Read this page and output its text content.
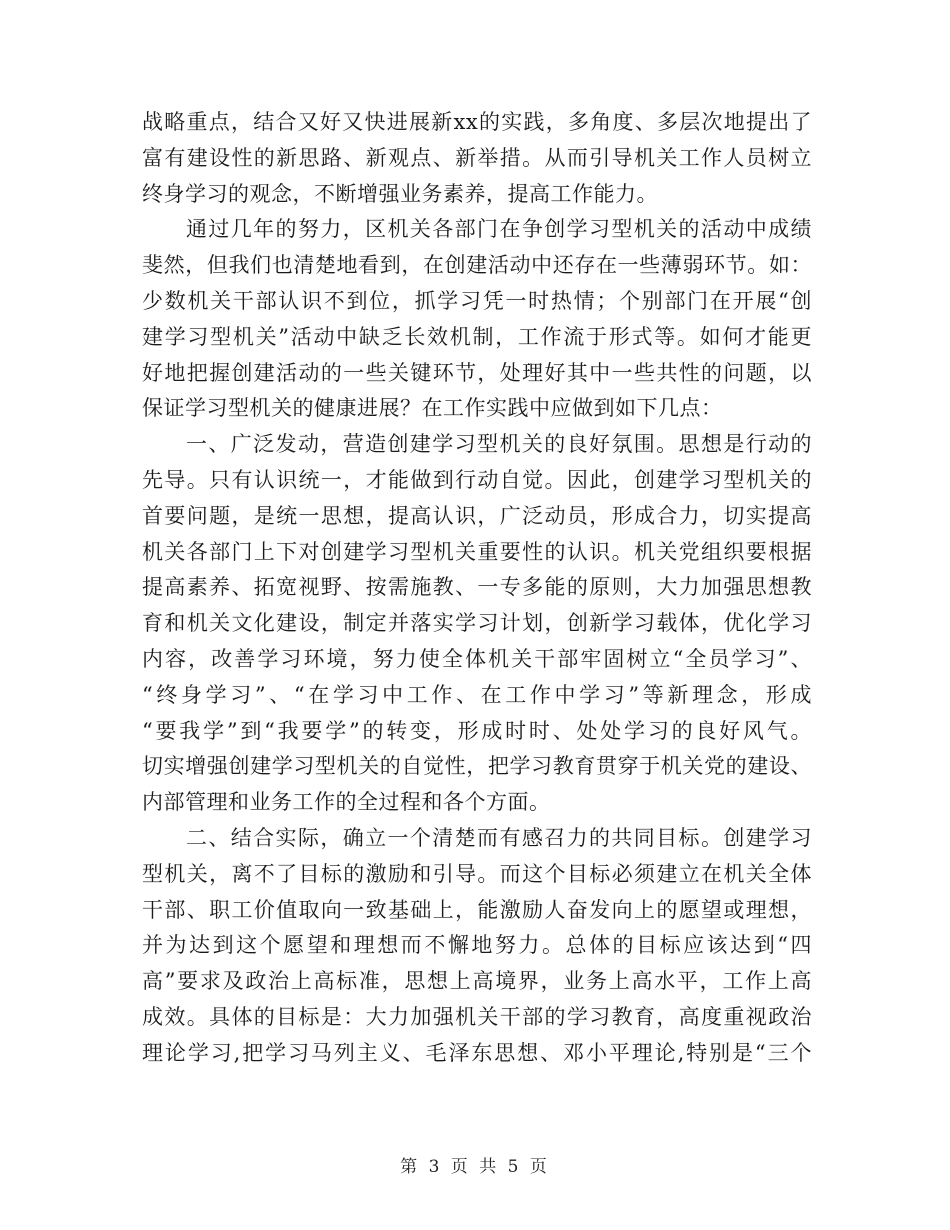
战略重点，结合又好又快进展新xx的实践，多角度、多层次地提出了
富有建设性的新思路、新观点、新举措。从而引导机关工作人员树立
终身学习的观念，不断增强业务素养，提高工作能力。
通过几年的努力，区机关各部门在争创学习型机关的活动中成绩
斐然，但我们也清楚地看到，在创建活动中还存在一些薄弱环节。如：
少数机关干部认识不到位，抓学习凭一时热情；个别部门在开展“创
建学习型机关”活动中缺乏长效机制，工作流于形式等。如何才能更
好地把握创建活动的一些关键环节，处理好其中一些共性的问题，以
保证学习型机关的健康进展？在工作实践中应做到如下几点：
一、广泛发动，营造创建学习型机关的良好氛围。思想是行动的
先导。只有认识统一，才能做到行动自觉。因此，创建学习型机关的
首要问题，是统一思想，提高认识，广泛动员，形成合力，切实提高
机关各部门上下对创建学习型机关重要性的认识。机关党组织要根据
提高素养、拓宽视野、按需施教、一专多能的原则，大力加强思想教
育和机关文化建设，制定并落实学习计划，创新学习载体，优化学习
内容，改善学习环境，努力使全体机关干部牢固树立“全员学习”、
“终身学习”、“在学习中工作、在工作中学习”等新理念，形成
“要我学”到“我要学”的转变，形成时时、处处学习的良好风气。
切实增强创建学习型机关的自觉性，把学习教育贯穿于机关党的建设、
内部管理和业务工作的全过程和各个方面。
二、结合实际，确立一个清楚而有感召力的共同目标。创建学习
型机关，离不了目标的激励和引导。而这个目标必须建立在机关全体
干部、职工价值取向一致基础上，能激励人奋发向上的愿望或理想，
并为达到这个愿望和理想而不懈地努力。总体的目标应该达到“四
高”要求及政治上高标准，思想上高境界，业务上高水平，工作上高
成效。具体的目标是：大力加强机关干部的学习教育，高度重视政治
理论学习,把学习马列主义、毛泽东思想、邓小平理论,特别是“三个
第 3 页 共 5 页
